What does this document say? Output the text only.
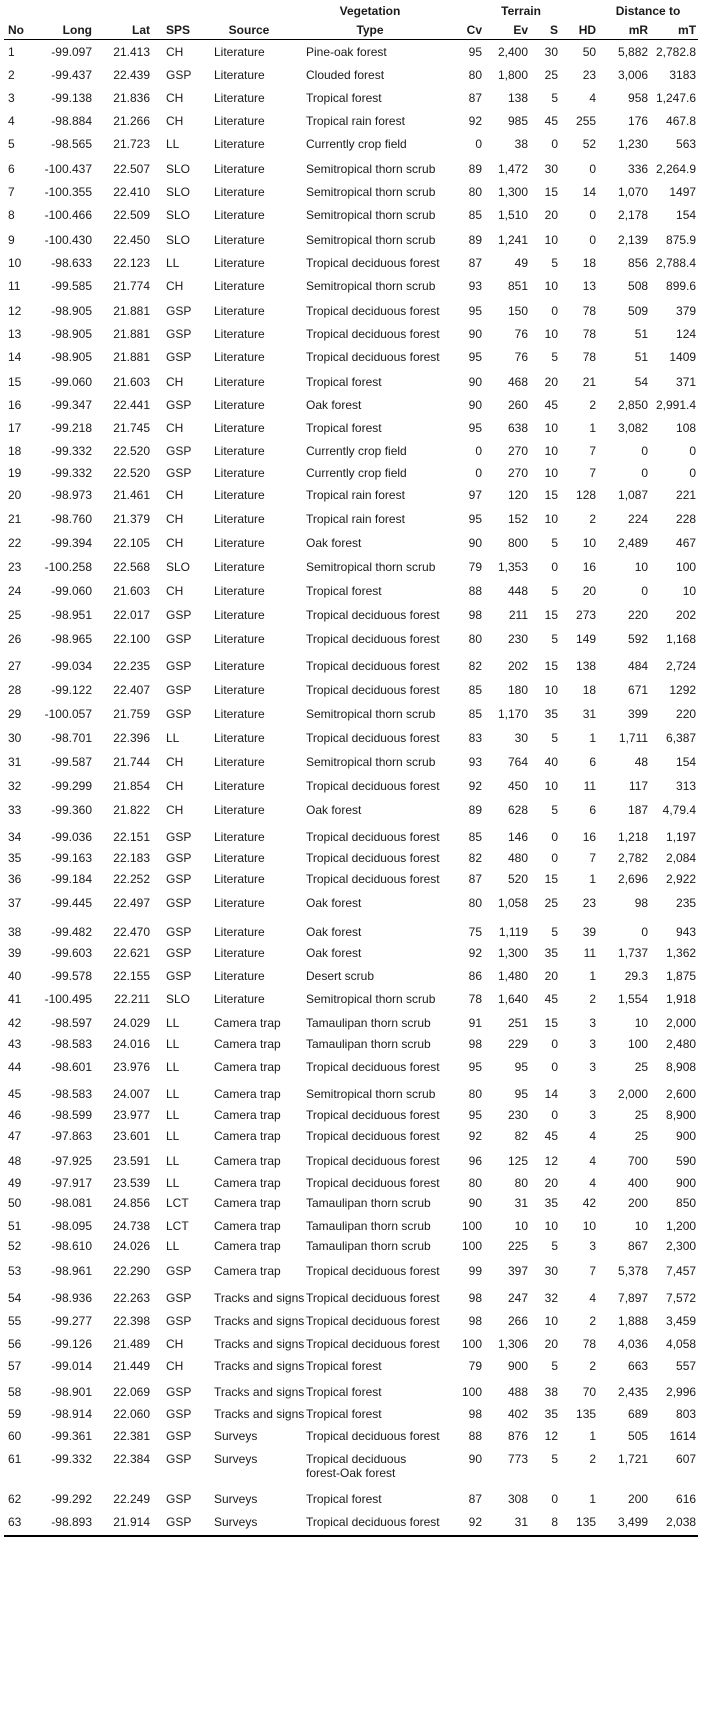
					Vegetation	Terrain				Distance to	
No	Long	Lat	SPS	Source	Type	Cv	Ev	S	HD	mR	mT
1	-99.097	21.413	CH	Literature	Pine-oak forest	95	2,400	30	50	5,882	2,782.8
2	-99.437	22.439	GSP	Literature	Clouded forest	80	1,800	25	23	3,006	3183
3	-99.138	21.836	CH	Literature	Tropical forest	87	138	5	4	958	1,247.6
4	-98.884	21.266	CH	Literature	Tropical rain forest	92	985	45	255	176	467.8
5	-98.565	21.723	LL	Literature	Currently crop field	0	38	0	52	1,230	563
6	-100.437	22.507	SLO	Literature	Semitropical thorn scrub	89	1,472	30	0	336	2,264.9
7	-100.355	22.410	SLO	Literature	Semitropical thorn scrub	80	1,300	15	14	1,070	1497
8	-100.466	22.509	SLO	Literature	Semitropical thorn scrub	85	1,510	20	0	2,178	154
9	-100.430	22.450	SLO	Literature	Semitropical thorn scrub	89	1,241	10	0	2,139	875.9
10	-98.633	22.123	LL	Literature	Tropical deciduous forest	87	49	5	18	856	2,788.4
11	-99.585	21.774	CH	Literature	Semitropical thorn scrub	93	851	10	13	508	899.6
12	-98.905	21.881	GSP	Literature	Tropical deciduous forest	95	150	0	78	509	379
13	-98.905	21.881	GSP	Literature	Tropical deciduous forest	90	76	10	78	51	124
14	-98.905	21.881	GSP	Literature	Tropical deciduous forest	95	76	5	78	51	1409
15	-99.060	21.603	CH	Literature	Tropical forest	90	468	20	21	54	371
16	-99.347	22.441	GSP	Literature	Oak forest	90	260	45	2	2,850	2,991.4
17	-99.218	21.745	CH	Literature	Tropical forest	95	638	10	1	3,082	108
18	-99.332	22.520	GSP	Literature	Currently crop field	0	270	10	7	0	0
19	-99.332	22.520	GSP	Literature	Currently crop field	0	270	10	7	0	0
20	-98.973	21.461	CH	Literature	Tropical rain forest	97	120	15	128	1,087	221
21	-98.760	21.379	CH	Literature	Tropical rain forest	95	152	10	2	224	228
22	-99.394	22.105	CH	Literature	Oak forest	90	800	5	10	2,489	467
23	-100.258	22.568	SLO	Literature	Semitropical thorn scrub	79	1,353	0	16	10	100
24	-99.060	21.603	CH	Literature	Tropical forest	88	448	5	20	0	10
25	-98.951	22.017	GSP	Literature	Tropical deciduous forest	98	211	15	273	220	202
26	-98.965	22.100	GSP	Literature	Tropical deciduous forest	80	230	5	149	592	1,168
27	-99.034	22.235	GSP	Literature	Tropical deciduous forest	82	202	15	138	484	2,724
28	-99.122	22.407	GSP	Literature	Tropical deciduous forest	85	180	10	18	671	1292
29	-100.057	21.759	GSP	Literature	Semitropical thorn scrub	85	1,170	35	31	399	220
30	-98.701	22.396	LL	Literature	Tropical deciduous forest	83	30	5	1	1,711	6,387
31	-99.587	21.744	CH	Literature	Semitropical thorn scrub	93	764	40	6	48	154
32	-99.299	21.854	CH	Literature	Tropical deciduous forest	92	450	10	11	117	313
33	-99.360	21.822	CH	Literature	Oak forest	89	628	5	6	187	4,79.4
34	-99.036	22.151	GSP	Literature	Tropical deciduous forest	85	146	0	16	1,218	1,197
35	-99.163	22.183	GSP	Literature	Tropical deciduous forest	82	480	0	7	2,782	2,084
36	-99.184	22.252	GSP	Literature	Tropical deciduous forest	87	520	15	1	2,696	2,922
37	-99.445	22.497	GSP	Literature	Oak forest	80	1,058	25	23	98	235
38	-99.482	22.470	GSP	Literature	Oak forest	75	1,119	5	39	0	943
39	-99.603	22.621	GSP	Literature	Oak forest	92	1,300	35	11	1,737	1,362
40	-99.578	22.155	GSP	Literature	Desert scrub	86	1,480	20	1	29.3	1,875
41	-100.495	22.211	SLO	Literature	Semitropical thorn scrub	78	1,640	45	2	1,554	1,918
42	-98.597	24.029	LL	Camera trap	Tamaulipan thorn scrub	91	251	15	3	10	2,000
43	-98.583	24.016	LL	Camera trap	Tamaulipan thorn scrub	98	229	0	3	100	2,480
44	-98.601	23.976	LL	Camera trap	Tropical deciduous forest	95	95	0	3	25	8,908
45	-98.583	24.007	LL	Camera trap	Semitropical thorn scrub	80	95	14	3	2,000	2,600
46	-98.599	23.977	LL	Camera trap	Tropical deciduous forest	95	230	0	3	25	8,900
47	-97.863	23.601	LL	Camera trap	Tropical deciduous forest	92	82	45	4	25	900
48	-97.925	23.591	LL	Camera trap	Tropical deciduous forest	96	125	12	4	700	590
49	-97.917	23.539	LL	Camera trap	Tropical deciduous forest	80	80	20	4	400	900
50	-98.081	24.856	LCT	Camera trap	Tamaulipan thorn scrub	90	31	35	42	200	850
51	-98.095	24.738	LCT	Camera trap	Tamaulipan thorn scrub	100	10	10	10	10	1,200
52	-98.610	24.026	LL	Camera trap	Tamaulipan thorn scrub	100	225	5	3	867	2,300
53	-98.961	22.290	GSP	Camera trap	Tropical deciduous forest	99	397	30	7	5,378	7,457
54	-98.936	22.263	GSP	Tracks and signs	Tropical deciduous forest	98	247	32	4	7,897	7,572
55	-99.277	22.398	GSP	Tracks and signs	Tropical deciduous forest	98	266	10	2	1,888	3,459
56	-99.126	21.489	CH	Tracks and signs	Tropical deciduous forest	100	1,306	20	78	4,036	4,058
57	-99.014	21.449	CH	Tracks and signs	Tropical forest	79	900	5	2	663	557
58	-98.901	22.069	GSP	Tracks and signs	Tropical forest	100	488	38	70	2,435	2,996
59	-98.914	22.060	GSP	Tracks and signs	Tropical forest	98	402	35	135	689	803
60	-99.361	22.381	GSP	Surveys	Tropical deciduous forest	88	876	12	1	505	1614
61	-99.332	22.384	GSP	Surveys	Tropical deciduous forest-Oak forest	90	773	5	2	1,721	607
62	-99.292	22.249	GSP	Surveys	Tropical forest	87	308	0	1	200	616
63	-98.893	21.914	GSP	Surveys	Tropical deciduous forest	92	31	8	135	3,499	2,038
